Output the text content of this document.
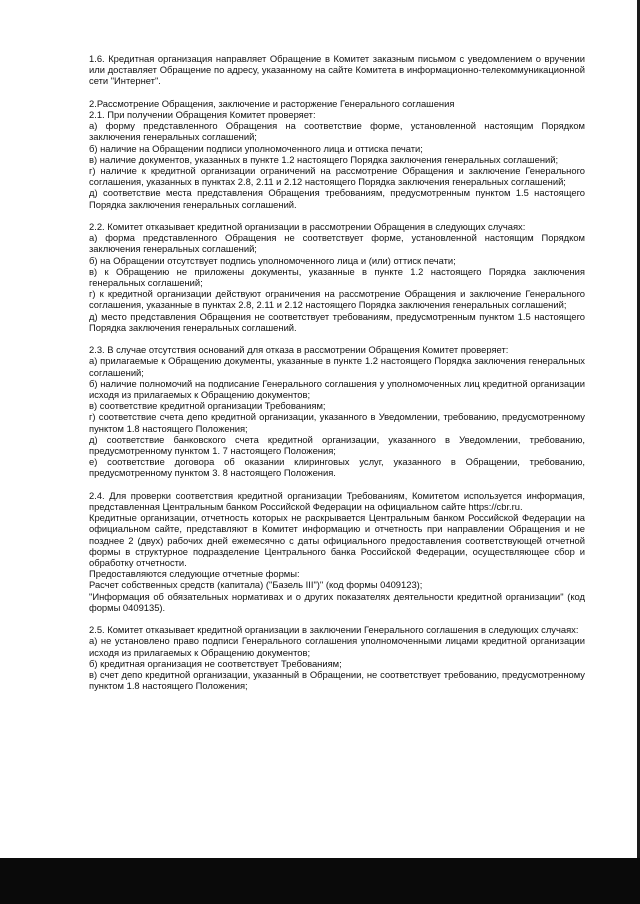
1.6. Кредитная организация направляет Обращение в Комитет заказным письмом с уведомлением о вручении или доставляет Обращение по адресу, указанному на сайте Комитета в информационно-телекоммуникационной сети "Интернет".

2.Рассмотрение Обращения, заключение и расторжение Генерального соглашения

2.1. При получении Обращения Комитет проверяет:

а) форму представленного Обращения на соответствие форме, установленной настоящим Порядком заключения генеральных соглашений;

б) наличие на Обращении подписи уполномоченного лица и оттиска печати;

в) наличие документов, указанных в пункте 1.2 настоящего Порядка заключения генеральных соглашений;

г) наличие к кредитной организации ограничений на рассмотрение Обращения и заключение Генерального соглашения, указанных в пунктах 2.8, 2.11 и 2.12 настоящего Порядка заключения генеральных соглашений;

д) соответствие места представления Обращения требованиям, предусмотренным пунктом 1.5 настоящего Порядка заключения генеральных соглашений.

2.2. Комитет отказывает кредитной организации в рассмотрении Обращения в следующих случаях:

а) форма представленного Обращения не соответствует форме, установленной настоящим Порядком заключения генеральных соглашений;

б) на Обращении отсутствует подпись уполномоченного лица и (или) оттиск печати;

в) к Обращению не приложены документы, указанные в пункте 1.2 настоящего Порядка заключения генеральных соглашений;

г) к кредитной организации действуют ограничения на рассмотрение Обращения и заключение Генерального соглашения, указанные в пунктах 2.8, 2.11 и 2.12 настоящего Порядка заключения генеральных соглашений;

д) место представления Обращения не соответствует требованиям, предусмотренным пунктом 1.5 настоящего Порядка заключения генеральных соглашений.

2.3. В случае отсутствия оснований для отказа в рассмотрении Обращения Комитет проверяет:

а) прилагаемые к Обращению документы, указанные в пункте 1.2 настоящего Порядка заключения генеральных соглашений;

б) наличие полномочий на подписание Генерального соглашения у уполномоченных лиц кредитной организации исходя из прилагаемых к Обращению документов;

в) соответствие кредитной организации Требованиям;

г) соответствие счета депо кредитной организации, указанного в Уведомлении, требованию, предусмотренному пунктом 1.8 настоящего Положения;

д) соответствие банковского счета кредитной организации, указанного в Уведомлении, требованию, предусмотренному пунктом 1. 7 настоящего Положения;

е) соответствие договора об оказании клиринговых услуг, указанного в Обращении, требованию, предусмотренному пунктом 3. 8 настоящего Положения.

2.4. Для проверки соответствия кредитной организации Требованиям, Комитетом используется информация, представленная Центральным банком Российской Федерации на официальном сайте https://cbr.ru.

Кредитные организации, отчетность которых не раскрывается Центральным банком Российской Федерации на официальном сайте, представляют в Комитет информацию и отчетность при направлении Обращения и не позднее 2 (двух) рабочих дней ежемесячно с даты официального предоставления соответствующей отчетной формы в структурное подразделение Центрального банка Российской Федерации, осуществляющее сбор и обработку отчетности.

Предоставляются следующие отчетные формы:

Расчет собственных средств (капитала) ("Базель III")" (код формы 0409123);

"Информация об обязательных нормативах и о других показателях деятельности кредитной организации" (код формы 0409135).

2.5. Комитет отказывает кредитной организации в заключении Генерального соглашения в следующих случаях:

а) не установлено право подписи Генерального соглашения уполномоченными лицами кредитной организации исходя из прилагаемых к Обращению документов;

б) кредитная организация не соответствует Требованиям;

в) счет депо кредитной организации, указанный в Обращении, не соответствует требованию, предусмотренному пунктом 1.8 настоящего Положения;
